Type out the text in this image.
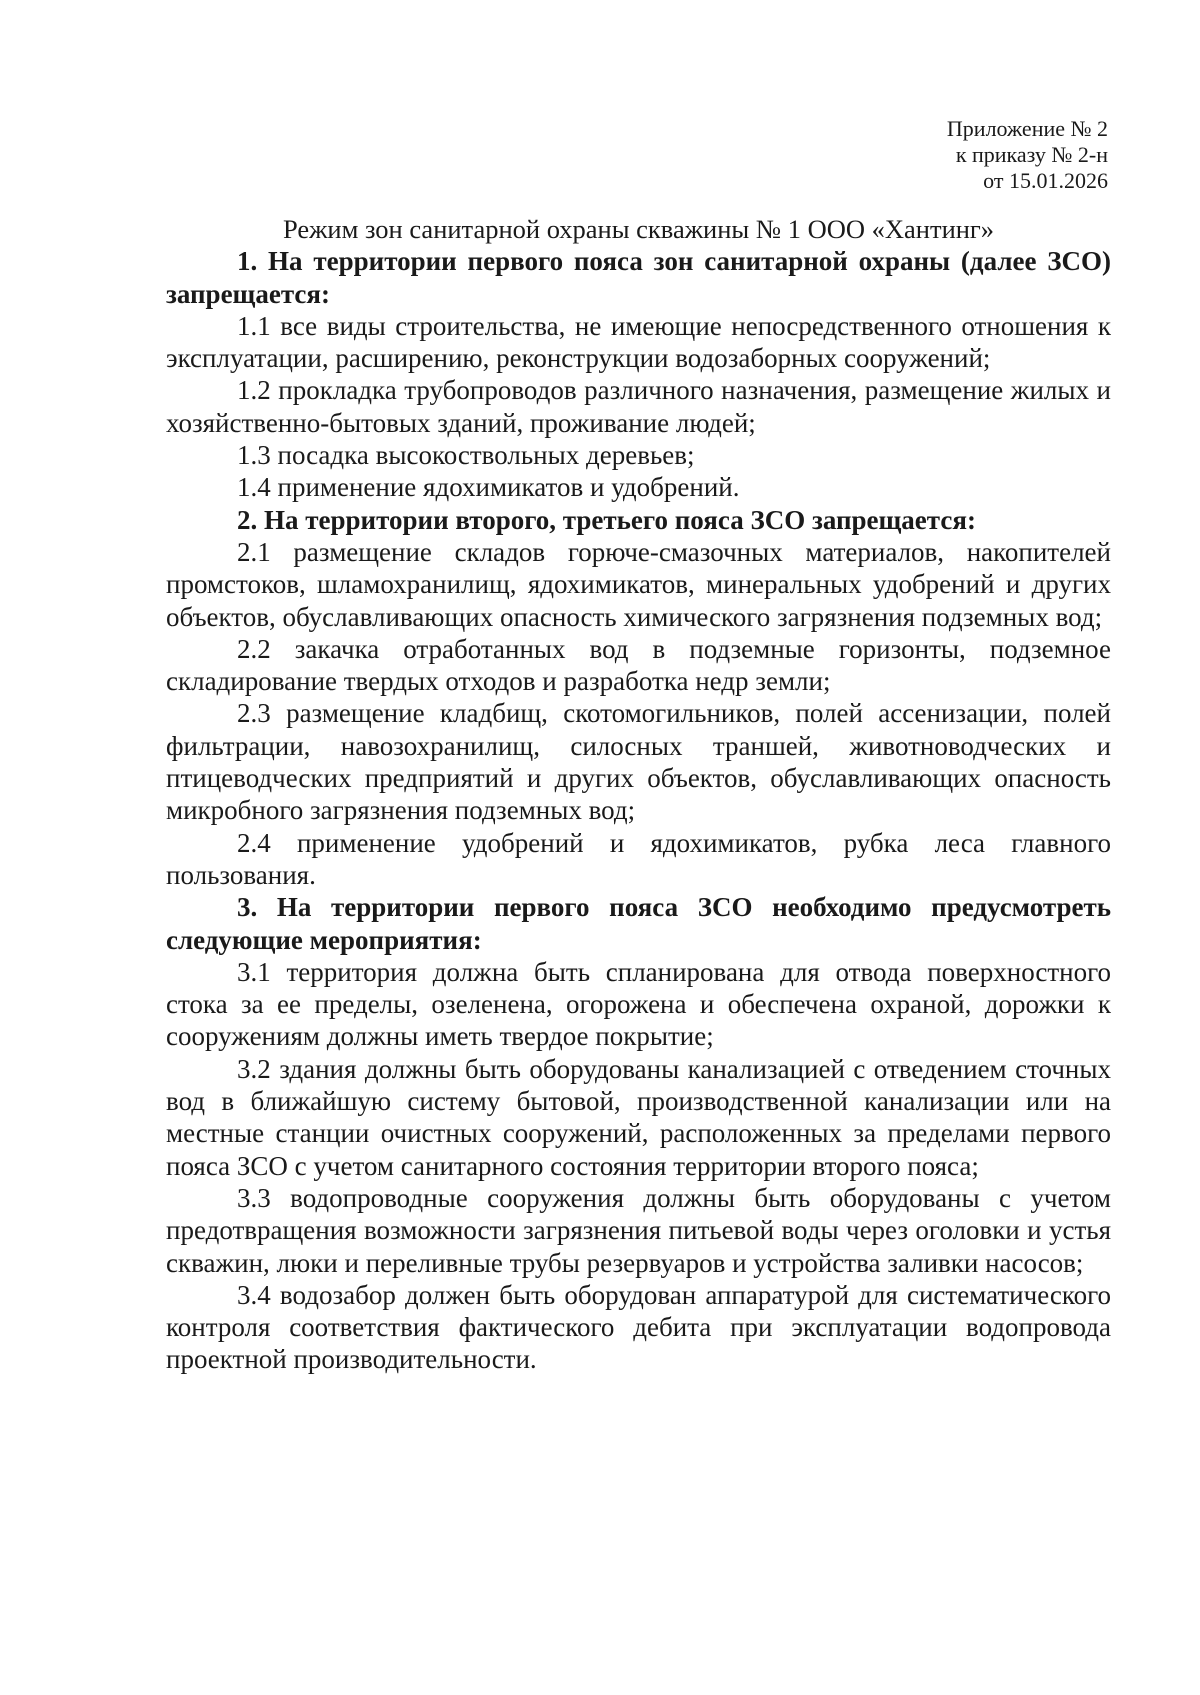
Приложение № 2
к приказу № 2-н
от 15.01.2026
Режим зон санитарной охраны скважины № 1 ООО «Хантинг»

1. На территории первого пояса зон санитарной охраны (далее ЗСО) запрещается:

1.1 все виды строительства, не имеющие непосредственного отношения к эксплуатации, расширению, реконструкции водозаборных сооружений;

1.2 прокладка трубопроводов различного назначения, размещение жилых и хозяйственно-бытовых зданий, проживание людей;

1.3 посадка высокоствольных деревьев;

1.4 применение ядохимикатов и удобрений.

2. На территории второго, третьего пояса ЗСО запрещается:

2.1 размещение складов горюче-смазочных материалов, накопителей промстоков, шламохранилищ, ядохимикатов, минеральных удобрений и других объектов, обуславливающих опасность химического загрязнения подземных вод;

2.2 закачка отработанных вод в подземные горизонты, подземное складирование твердых отходов и разработка недр земли;

2.3 размещение кладбищ, скотомогильников, полей ассенизации, полей фильтрации, навозохранилищ, силосных траншей, животноводческих и птицеводческих предприятий и других объектов, обуславливающих опасность микробного загрязнения подземных вод;

2.4 применение удобрений и ядохимикатов, рубка леса главного пользования.

3. На территории первого пояса ЗСО необходимо предусмотреть следующие мероприятия:

3.1 территория должна быть спланирована для отвода поверхностного стока за ее пределы, озеленена, огорожена и обеспечена охраной, дорожки к сооружениям должны иметь твердое покрытие;

3.2 здания должны быть оборудованы канализацией с отведением сточных вод в ближайшую систему бытовой, производственной канализации или на местные станции очистных сооружений, расположенных за пределами первого пояса ЗСО с учетом санитарного состояния территории второго пояса;

3.3 водопроводные сооружения должны быть оборудованы с учетом предотвращения возможности загрязнения питьевой воды через оголовки и устья скважин, люки и переливные трубы резервуаров и устройства заливки насосов;

3.4 водозабор должен быть оборудован аппаратурой для систематического контроля соответствия фактического дебита при эксплуатации водопровода проектной производительности.
